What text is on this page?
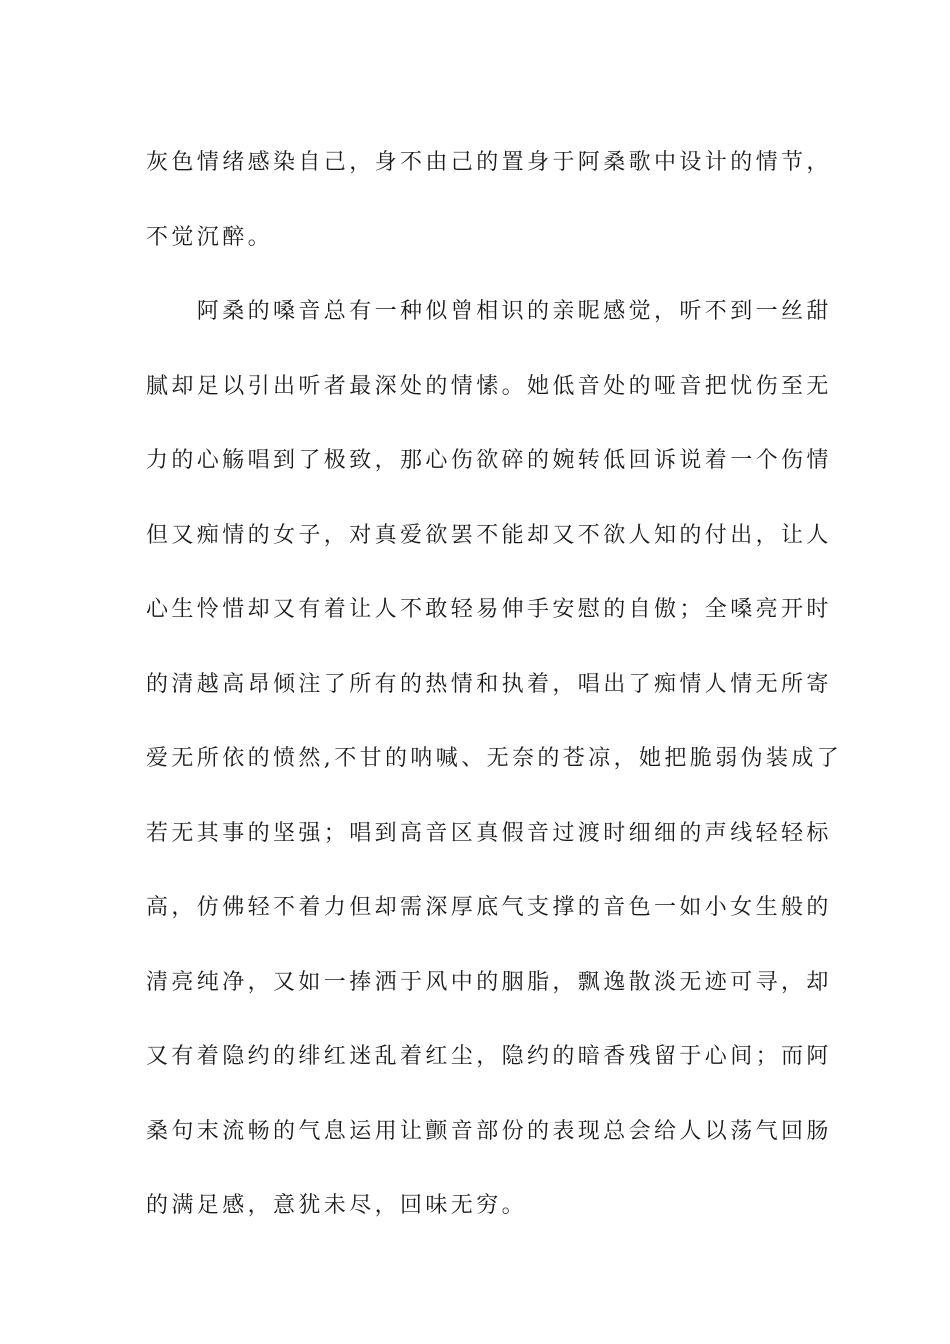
灰色情绪感染自己，身不由己的置身于阿桑歌中设计的情节，
不觉沉醉。
　　阿桑的嗓音总有一种似曾相识的亲昵感觉，听不到一丝甜
腻却足以引出听者最深处的情愫。她低音处的哑音把忧伤至无
力的心觞唱到了极致，那心伤欲碎的婉转低回诉说着一个伤情
但又痴情的女子，对真爱欲罢不能却又不欲人知的付出，让人
心生怜惜却又有着让人不敢轻易伸手安慰的自傲；全嗓亮开时
的清越高昂倾注了所有的热情和执着，唱出了痴情人情无所寄
爱无所依的愤然,不甘的呐喊、无奈的苍凉，她把脆弱伪装成了
若无其事的坚强；唱到高音区真假音过渡时细细的声线轻轻标
高，仿佛轻不着力但却需深厚底气支撑的音色一如小女生般的
清亮纯净，又如一捧洒于风中的胭脂，飘逸散淡无迹可寻，却
又有着隐约的绯红迷乱着红尘，隐约的暗香残留于心间；而阿
桑句末流畅的气息运用让颤音部份的表现总会给人以荡气回肠
的满足感，意犹未尽，回味无穷。
